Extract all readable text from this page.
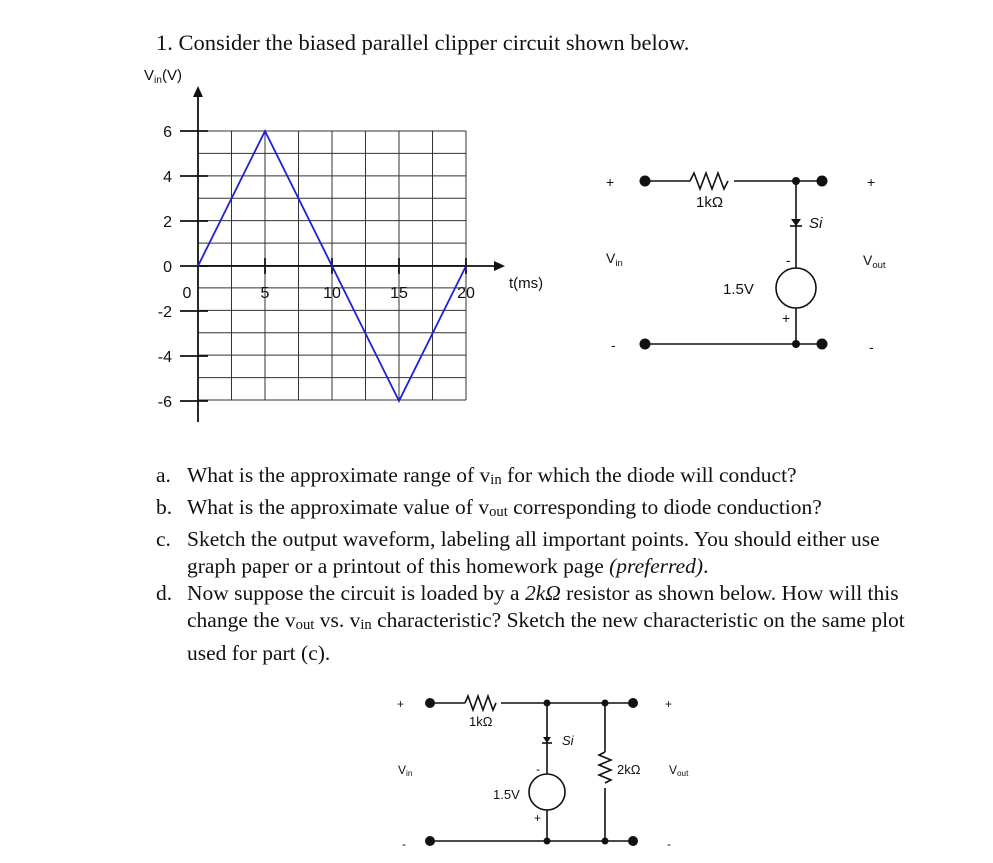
1. Consider the biased parallel clipper circuit shown below.
6
4
2
0
-2
-4
-6
0	5	10	15	20
$V_{in}(V)$
t(ms)
1kΩ
Si
1.5V
-
+
+
-
+
-
$V_{in}$	$V_{out}$
a. What is the approximate range of vin for which the diode will conduct?
b. What is the approximate value of vout corresponding to diode conduction?
c. Sketch the output waveform, labeling all important points. You should either use graph paper or a printout of this homework page (preferred).
d. Now suppose the circuit is loaded by a 2kΩ resistor as shown below. How will this change the vout vs. vin characteristic? Sketch the new characteristic on the same plot used for part (c).
1kΩ
Si
1.5V
2kΩ
-
+
+
-
+
-
Vin	Vout
